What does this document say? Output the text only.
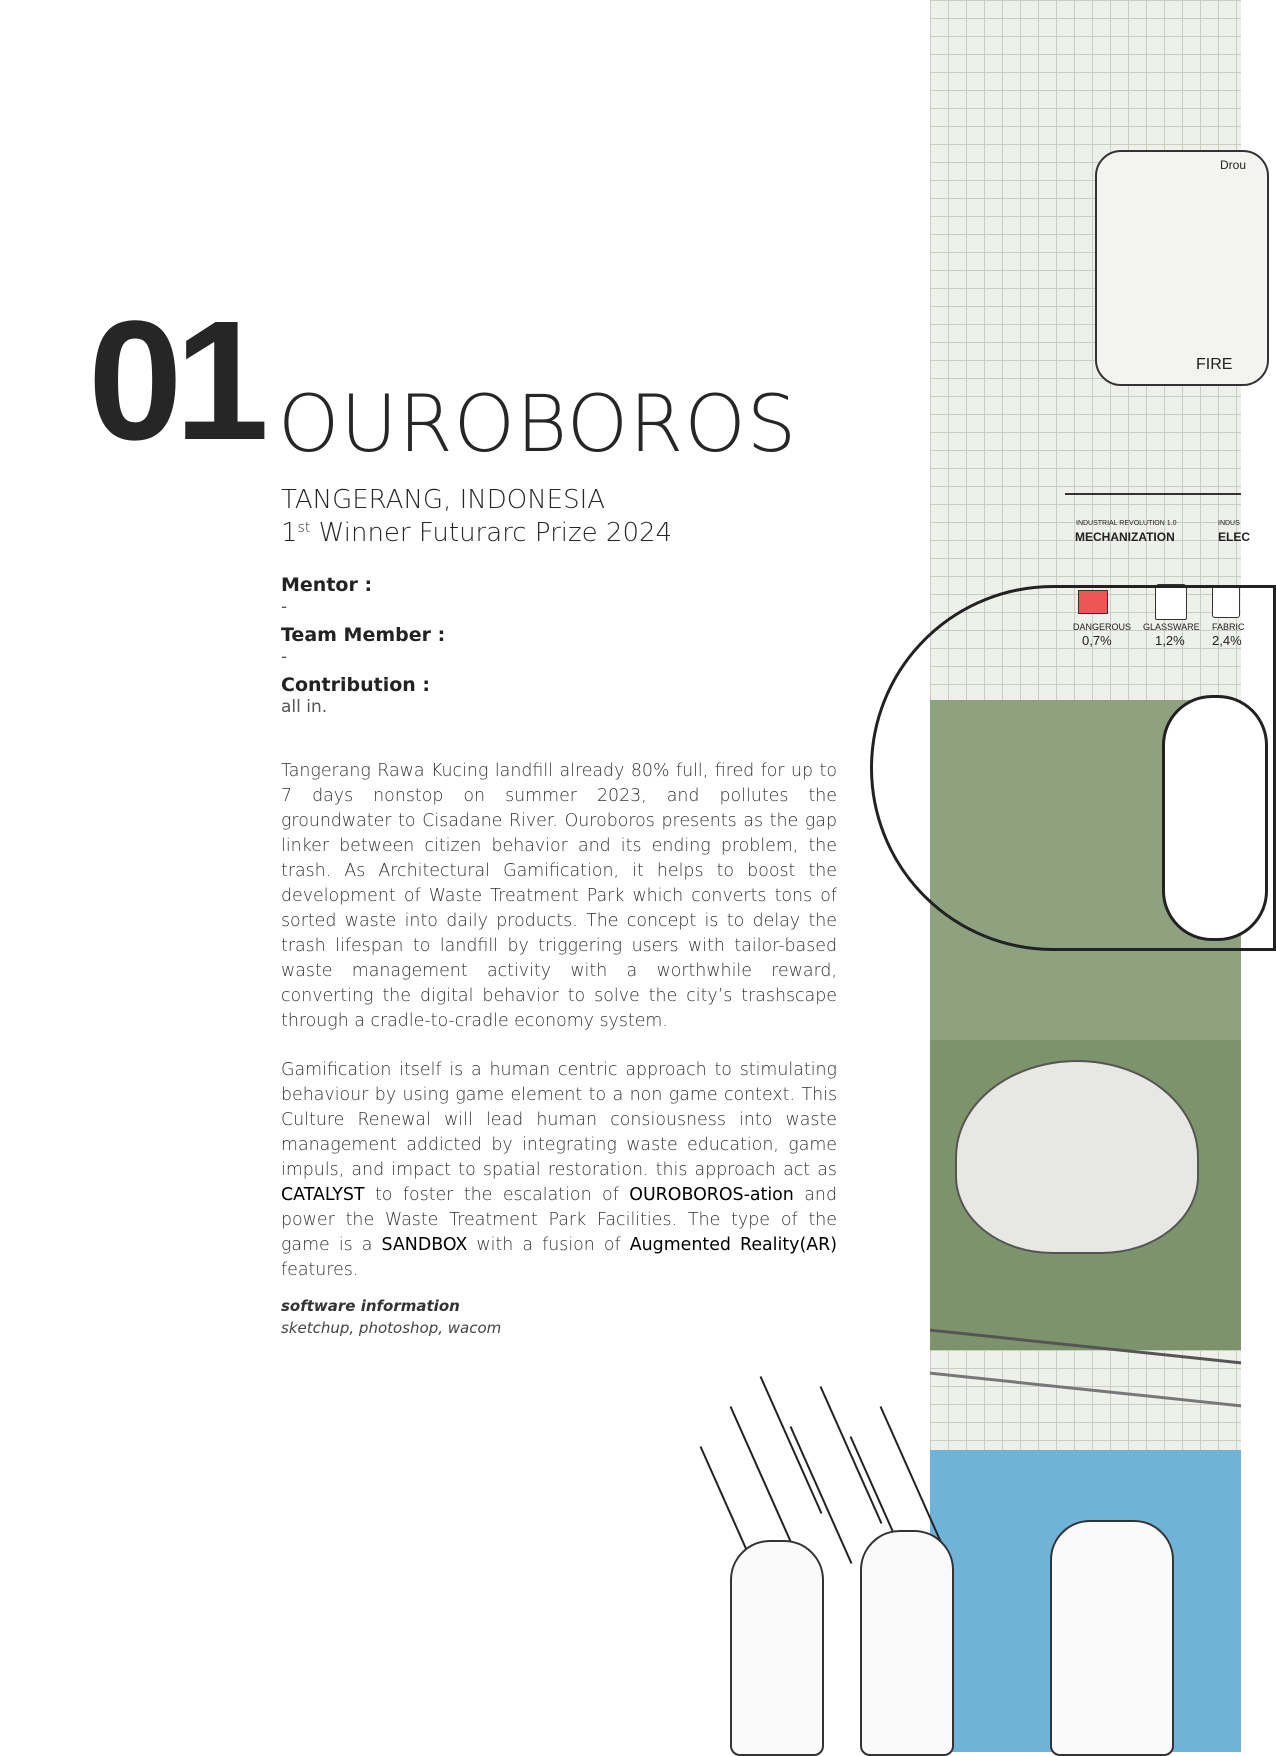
Drou
FIRE
INDUSTRIAL REVOLUTION 1.0
MECHANIZATION
INDUS
ELEC
DANGEROUS
0,7%
GLASSWARE
1,2%
FABRIC
2,4%
01 OUROBOROS
TANGERANG, INDONESIA
1st Winner Futurarc Prize 2024
Mentor :
-
Team Member :
-
Contribution :
all in.
Tangerang Rawa Kucing landfill already 80% full, fired for up to 7 days nonstop on summer 2023, and pollutes the groundwater to Cisadane River. Ouroboros presents as the gap linker between citizen behavior and its ending problem, the trash. As Architectural Gamification, it helps to boost the development of Waste Treatment Park which converts tons of sorted waste into daily products. The concept is to delay the trash lifespan to landfill by triggering users with tailor-based waste management activity with a worthwhile reward, converting the digital behavior to solve the city’s trashscape through a cradle-to-cradle economy system.
Gamification itself is a human centric approach to stimulating behaviour by using game element to a non game context. This Culture Renewal will lead human consiousness into waste management addicted by integrating waste education, game impuls, and impact to spatial restoration. this approach act as CATALYST to foster the escalation of OUROBOROS-ation and power the Waste Treatment Park Facilities. The type of the game is a SANDBOX with a fusion of Augmented Reality(AR) features.
software information
sketchup, photoshop, wacom
